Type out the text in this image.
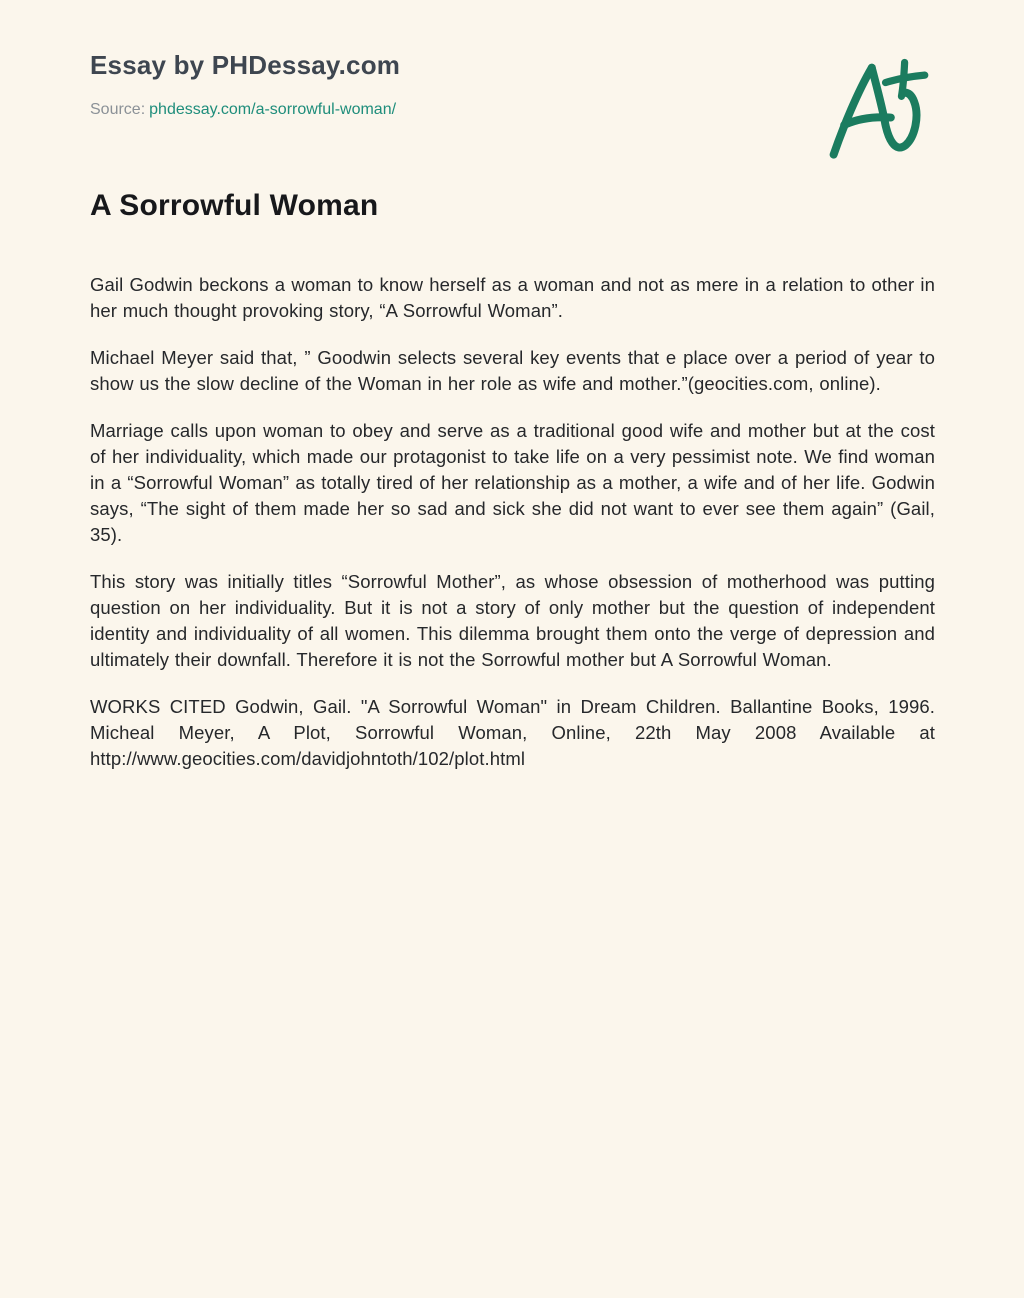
Essay by PHDessay.com
Source: phdessay.com/a-sorrowful-woman/
A Sorrowful Woman

Gail Godwin beckons a woman to know herself as a woman and not as mere in a relation to other in her much thought provoking story, “A Sorrowful Woman”.

Michael Meyer said that, ” Goodwin selects several key events that e place over a period of year to show us the slow decline of the Woman in her role as wife and mother.”(geocities.com, online).

Marriage calls upon woman to obey and serve as a traditional good wife and mother but at the cost of her individuality, which made our protagonist to take life on a very pessimist note. We find woman in a “Sorrowful Woman” as totally tired of her relationship as a mother, a wife and of her life. Godwin says, “The sight of them made her so sad and sick she did not want to ever see them again” (Gail, 35).

This story was initially titles “Sorrowful Mother”, as whose obsession of motherhood was putting question on her individuality. But it is not a story of only mother but the question of independent identity and individuality of all women. This dilemma brought them onto the verge of depression and ultimately their downfall. Therefore it is not the Sorrowful mother but A Sorrowful Woman.

WORKS CITED Godwin, Gail. "A Sorrowful Woman" in Dream Children. Ballantine Books, 1996. Micheal Meyer, A Plot, Sorrowful Woman, Online, 22th May 2008 Available at http://www.geocities.com/davidjohntoth/102/plot.html
